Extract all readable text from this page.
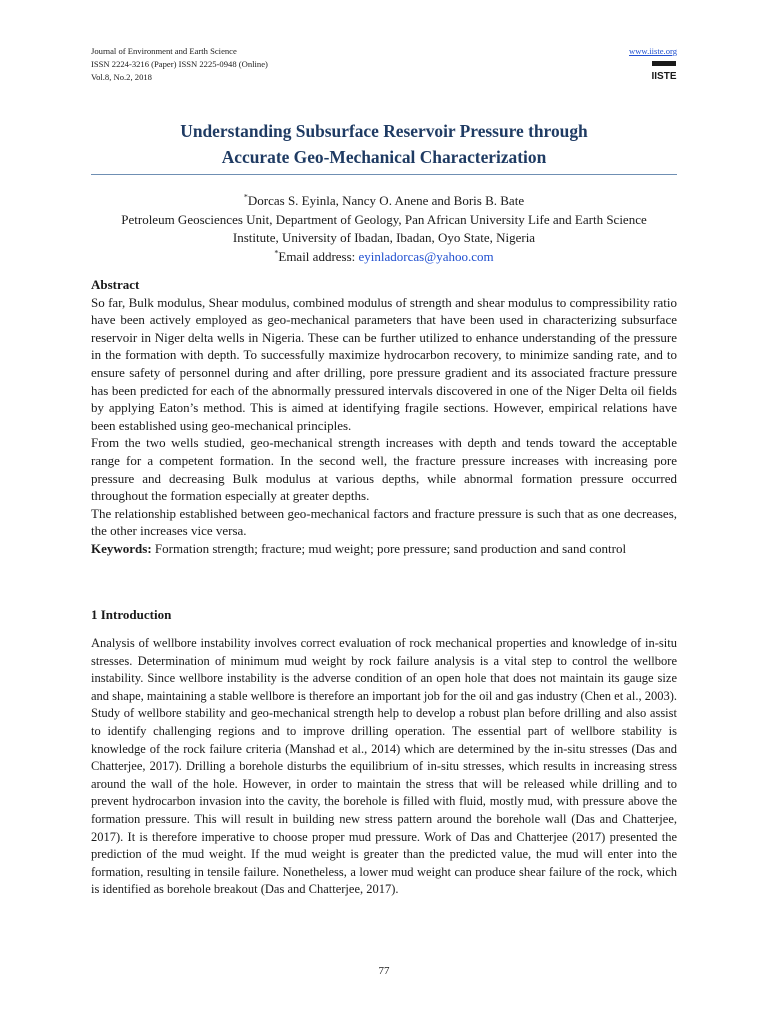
Journal of Environment and Earth Science
ISSN 2224-3216 (Paper) ISSN 2225-0948 (Online)
Vol.8, No.2, 2018
www.iiste.org
IISTE
Understanding Subsurface Reservoir Pressure through
Accurate Geo-Mechanical Characterization
*Dorcas S. Eyinla, Nancy O. Anene and Boris B. Bate
Petroleum Geosciences Unit, Department of Geology, Pan African University Life and Earth Science
Institute, University of Ibadan, Ibadan, Oyo State, Nigeria
*Email address: eyinladorcas@yahoo.com

Abstract

So far, Bulk modulus, Shear modulus, combined modulus of strength and shear modulus to compressibility ratio have been actively employed as geo-mechanical parameters that have been used in characterizing subsurface reservoir in Niger delta wells in Nigeria. These can be further utilized to enhance understanding of the pressure in the formation with depth. To successfully maximize hydrocarbon recovery, to minimize sanding rate, and to ensure safety of personnel during and after drilling, pore pressure gradient and its associated fracture pressure has been predicted for each of the abnormally pressured intervals discovered in one of the Niger Delta oil fields by applying Eaton’s method. This is aimed at identifying fragile sections. However, empirical relations have been established using geo-mechanical principles.

From the two wells studied, geo-mechanical strength increases with depth and tends toward the acceptable range for a competent formation. In the second well, the fracture pressure increases with increasing pore pressure and decreasing Bulk modulus at various depths, while abnormal formation pressure occurred throughout the formation especially at greater depths.

The relationship established between geo-mechanical factors and fracture pressure is such that as one decreases, the other increases vice versa.

Keywords: Formation strength; fracture; mud weight; pore pressure; sand production and sand control

1 Introduction

Analysis of wellbore instability involves correct evaluation of rock mechanical properties and knowledge of in-situ stresses. Determination of minimum mud weight by rock failure analysis is a vital step to control the wellbore instability. Since wellbore instability is the adverse condition of an open hole that does not maintain its gauge size and shape, maintaining a stable wellbore is therefore an important job for the oil and gas industry (Chen et al., 2003). Study of wellbore stability and geo-mechanical strength help to develop a robust plan before drilling and also assist to identify challenging regions and to improve drilling operation. The essential part of wellbore stability is knowledge of the rock failure criteria (Manshad et al., 2014) which are determined by the in-situ stresses (Das and Chatterjee, 2017). Drilling a borehole disturbs the equilibrium of in-situ stresses, which results in increasing stress around the wall of the hole. However, in order to maintain the stress that will be released while drilling and to prevent hydrocarbon invasion into the cavity, the borehole is filled with fluid, mostly mud, with pressure above the formation pressure. This will result in building new stress pattern around the borehole wall (Das and Chatterjee, 2017). It is therefore imperative to choose proper mud pressure. Work of Das and Chatterjee (2017) presented the prediction of the mud weight. If the mud weight is greater than the predicted value, the mud will enter into the formation, resulting in tensile failure. Nonetheless, a lower mud weight can produce shear failure of the rock, which is identified as borehole breakout (Das and Chatterjee, 2017).

77
